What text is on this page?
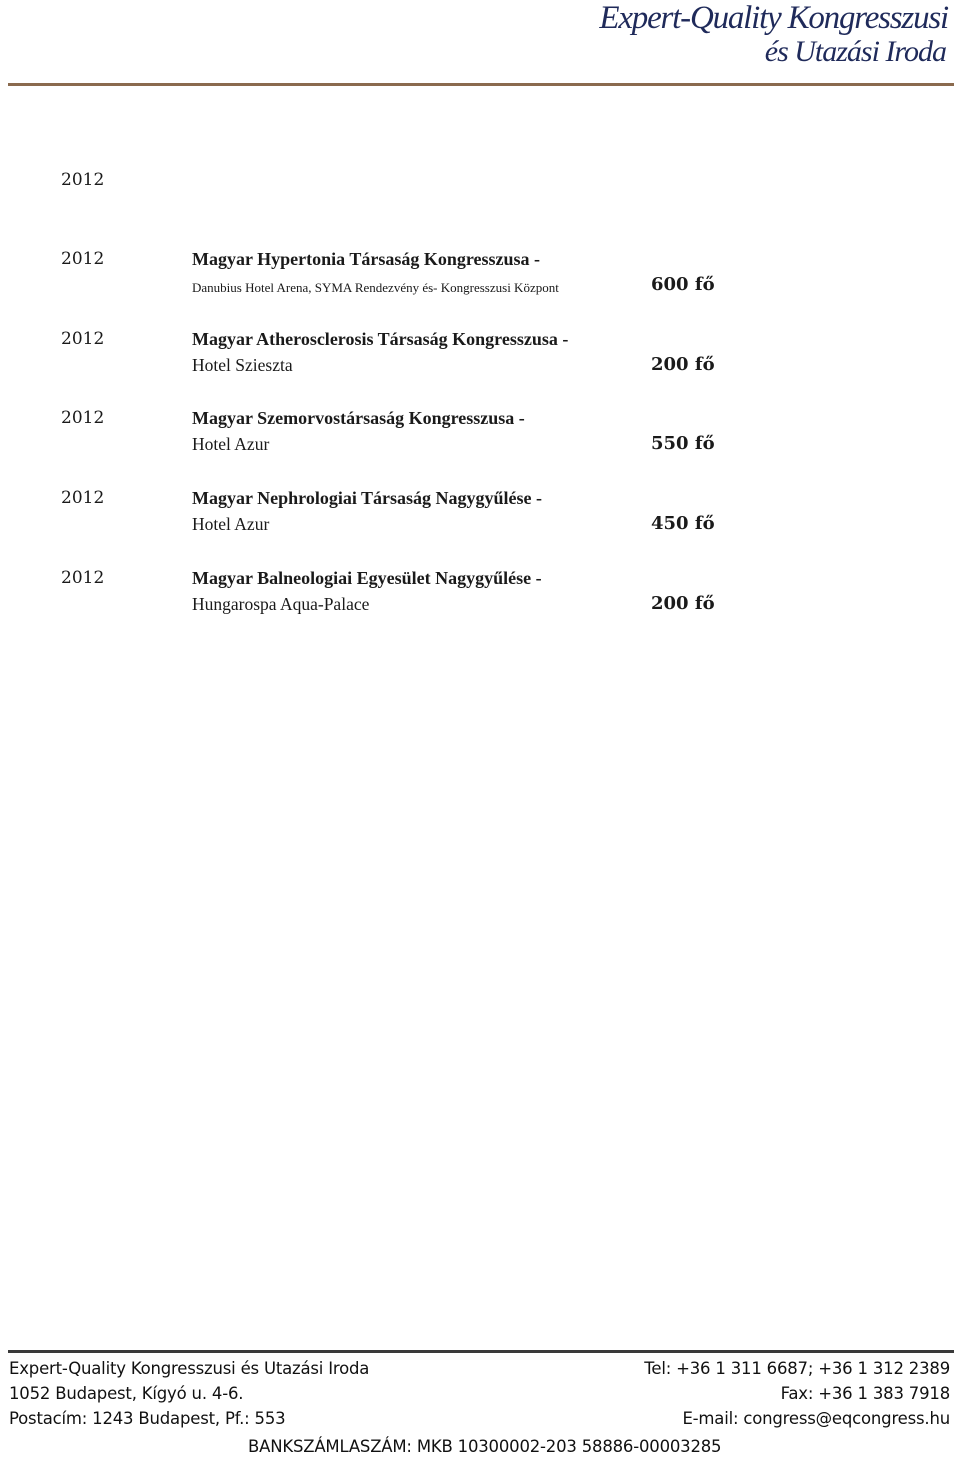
Expert-Quality Kongresszusi
és Utazási Iroda
2012
2012	Magyar Hypertonia Társaság Kongresszusa -
Danubius Hotel Arena, SYMA Rendezvény és- Kongresszusi Központ	600 fő
2012	Magyar Atherosclerosis Társaság Kongresszusa -
Hotel Szieszta	200 fő
2012	Magyar Szemorvostársaság Kongresszusa -
Hotel Azur	550 fő
2012	Magyar Nephrologiai Társaság Nagygyűlése -
Hotel Azur	450 fő
2012	Magyar Balneologiai Egyesület Nagygyűlése -
Hungarospa Aqua-Palace	200 fő
Expert-Quality Kongresszusi és Utazási Iroda
1052 Budapest, Kígyó u. 4-6.
Postacím: 1243 Budapest, Pf.: 553
Tel: +36 1 311 6687; +36 1 312 2389
Fax: +36 1 383 7918
E-mail: congress@eqcongress.hu
BANKSZÁMLASZÁM: MKB 10300002-203 58886-00003285
